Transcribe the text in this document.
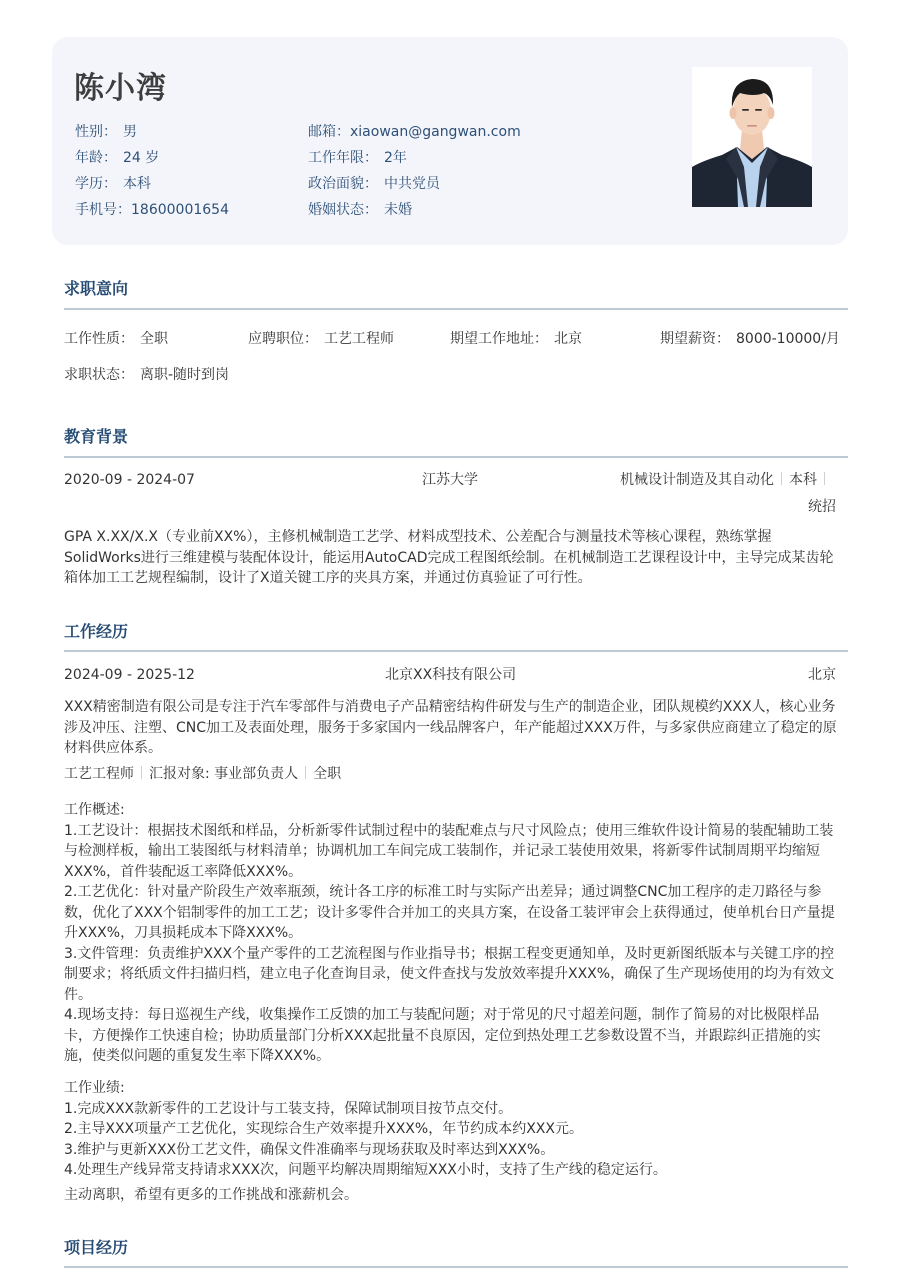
陈小湾
性别： 男
年龄： 24 岁
学历： 本科
手机号：18600001654
邮箱：xiaowan@gangwan.com
工作年限： 2年
政治面貌： 中共党员
婚姻状态： 未婚
求职意向
工作性质： 全职	应聘职位： 工艺工程师	期望工作地址： 北京	期望薪资： 8000-10000/月
求职状态： 离职-随时到岗
教育背景
2020-09 - 2024-07	江苏大学	机械设计制造及其自动化 本科
统招
GPA X.XX/X.X（专业前XX%），主修机械制造工艺学、材料成型技术、公差配合与测量技术等核心课程，熟练掌握SolidWorks进行三维建模与装配体设计，能运用AutoCAD完成工程图纸绘制。在机械制造工艺课程设计中，主导完成某齿轮箱体加工工艺规程编制，设计了X道关键工序的夹具方案，并通过仿真验证了可行性。
工作经历
2024-09 - 2025-12	北京XX科技有限公司	北京
XXX精密制造有限公司是专注于汽车零部件与消费电子产品精密结构件研发与生产的制造企业，团队规模约XXX人，核心业务涉及冲压、注塑、CNC加工及表面处理，服务于多家国内一线品牌客户，年产能超过XXX万件，与多家供应商建立了稳定的原材料供应体系。
工艺工程师 汇报对象: 事业部负责人 全职
工作概述:
1.工艺设计：根据技术图纸和样品，分析新零件试制过程中的装配难点与尺寸风险点；使用三维软件设计简易的装配辅助工装与检测样板，输出工装图纸与材料清单；协调机加工车间完成工装制作，并记录工装使用效果，将新零件试制周期平均缩短XXX%，首件装配返工率降低XXX%。
2.工艺优化：针对量产阶段生产效率瓶颈，统计各工序的标准工时与实际产出差异；通过调整CNC加工程序的走刀路径与参数，优化了XXX个铝制零件的加工工艺；设计多零件合并加工的夹具方案，在设备工装评审会上获得通过，使单机台日产量提升XXX%，刀具损耗成本下降XXX%。
3.文件管理：负责维护XXX个量产零件的工艺流程图与作业指导书；根据工程变更通知单，及时更新图纸版本与关键工序的控制要求；将纸质文件扫描归档，建立电子化查询目录，使文件查找与发放效率提升XXX%，确保了生产现场使用的均为有效文件。
4.现场支持：每日巡视生产线，收集操作工反馈的加工与装配问题；对于常见的尺寸超差问题，制作了简易的对比极限样品卡，方便操作工快速自检；协助质量部门分析XXX起批量不良原因，定位到热处理工艺参数设置不当，并跟踪纠正措施的实施，使类似问题的重复发生率下降XXX%。
工作业绩:
1.完成XXX款新零件的工艺设计与工装支持，保障试制项目按节点交付。
2.主导XXX项量产工艺优化，实现综合生产效率提升XXX%，年节约成本约XXX元。
3.维护与更新XXX份工艺文件，确保文件准确率与现场获取及时率达到XXX%。
4.处理生产线异常支持请求XXX次，问题平均解决周期缩短XXX小时，支持了生产线的稳定运行。
主动离职，希望有更多的工作挑战和涨薪机会。
项目经历
